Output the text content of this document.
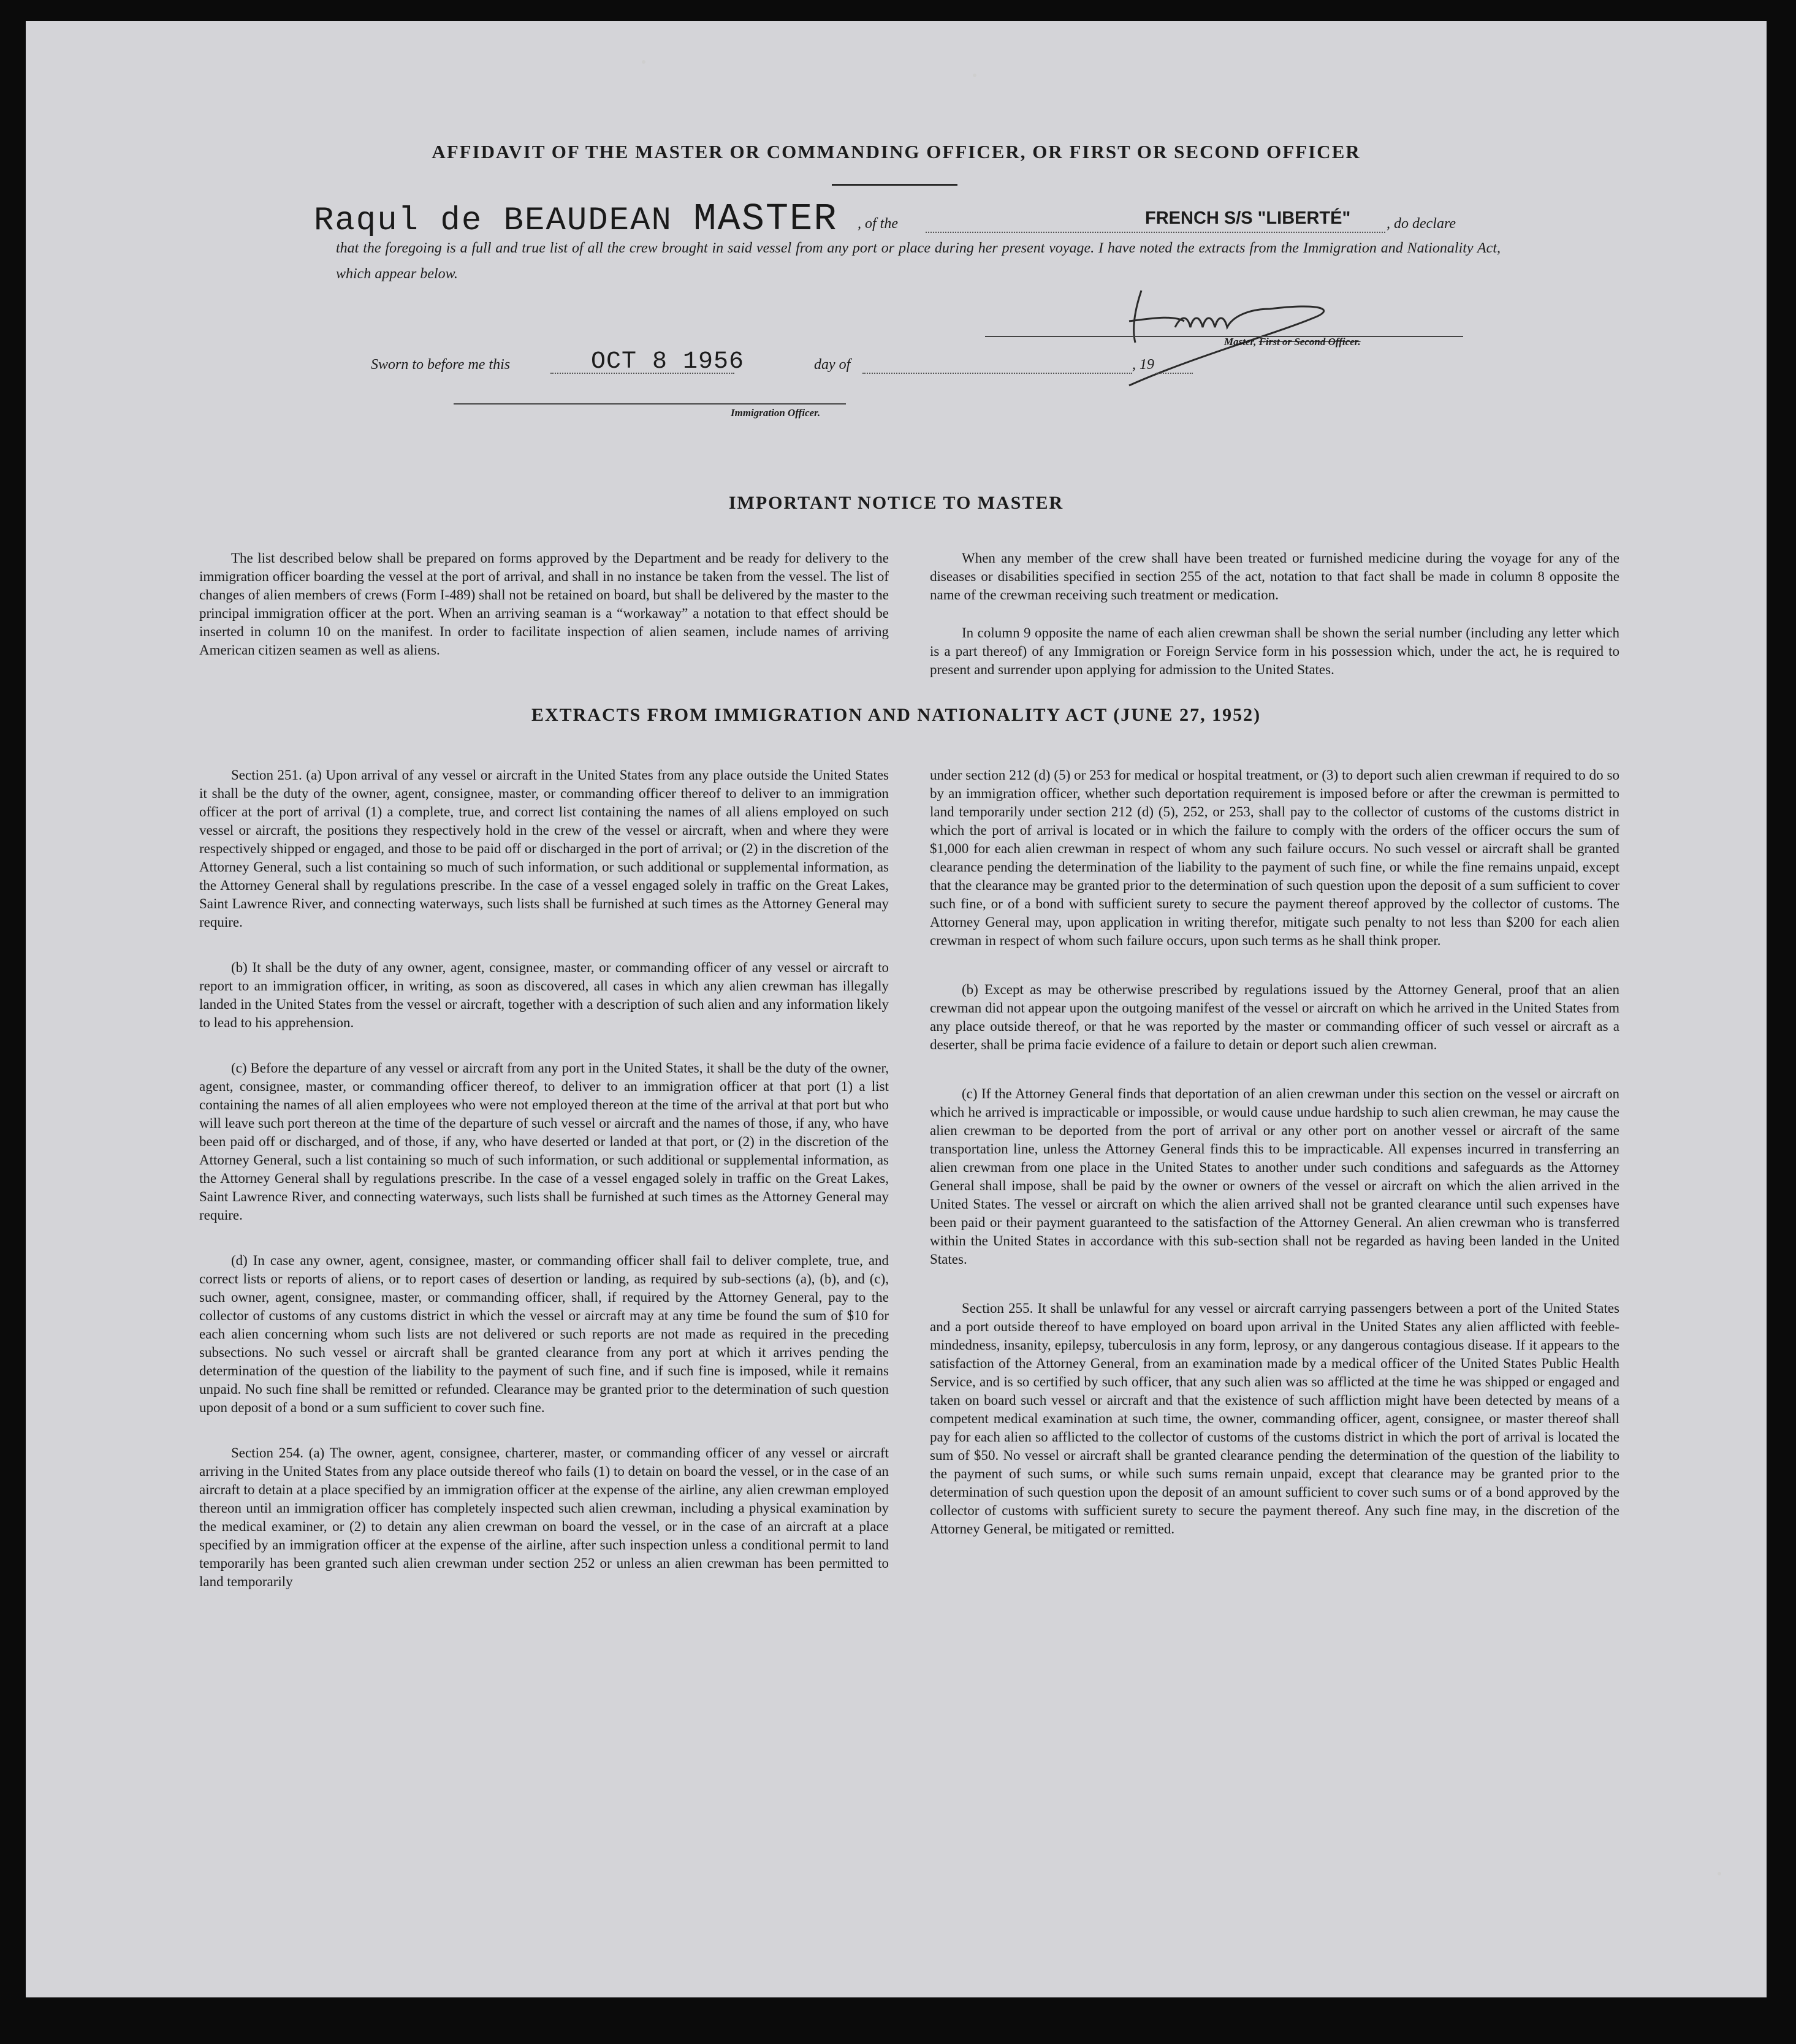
AFFIDAVIT OF THE MASTER OR COMMANDING OFFICER, OR FIRST OR SECOND OFFICER
Raqul de BEAUDEAN MASTER , of the	FRENCH S/S "LIBERTÉ" , do declare
that the foregoing is a full and true list of all the crew brought in said vessel from any port or place during her present voyage. I have noted the extracts from the Immigration and Nationality Act, which appear below.
Master, First or Second Officer.
Sworn to before me this	OCT 8 1956	day of	, 19
Immigration Officer.
IMPORTANT NOTICE TO MASTER

The list described below shall be prepared on forms approved by the Department and be ready for delivery to the immigration officer boarding the vessel at the port of arrival, and shall in no instance be taken from the vessel. The list of changes of alien members of crews (Form I-489) shall not be retained on board, but shall be delivered by the master to the principal immigration officer at the port. When an arriving seaman is a “workaway” a notation to that effect should be inserted in column 10 on the manifest. In order to facilitate inspection of alien seamen, include names of arriving American citizen seamen as well as aliens.

When any member of the crew shall have been treated or furnished medicine during the voyage for any of the diseases or disabilities specified in section 255 of the act, notation to that fact shall be made in column 8 opposite the name of the crewman receiving such treatment or medication.

In column 9 opposite the name of each alien crewman shall be shown the serial number (including any letter which is a part thereof) of any Immigration or Foreign Service form in his possession which, under the act, he is required to present and surrender upon applying for admission to the United States.

EXTRACTS FROM IMMIGRATION AND NATIONALITY ACT (JUNE 27, 1952)

Section 251. (a) Upon arrival of any vessel or aircraft in the United States from any place outside the United States it shall be the duty of the owner, agent, consignee, master, or commanding officer thereof to deliver to an immigration officer at the port of arrival (1) a complete, true, and correct list containing the names of all aliens employed on such vessel or aircraft, the positions they respectively hold in the crew of the vessel or aircraft, when and where they were respectively shipped or engaged, and those to be paid off or discharged in the port of arrival; or (2) in the discretion of the Attorney General, such a list containing so much of such information, or such additional or supplemental information, as the Attorney General shall by regulations prescribe. In the case of a vessel engaged solely in traffic on the Great Lakes, Saint Lawrence River, and connecting waterways, such lists shall be furnished at such times as the Attorney General may require.

(b) It shall be the duty of any owner, agent, consignee, master, or commanding officer of any vessel or aircraft to report to an immigration officer, in writing, as soon as discovered, all cases in which any alien crewman has illegally landed in the United States from the vessel or aircraft, together with a description of such alien and any information likely to lead to his apprehension.

(c) Before the departure of any vessel or aircraft from any port in the United States, it shall be the duty of the owner, agent, consignee, master, or commanding officer thereof, to deliver to an immigration officer at that port (1) a list containing the names of all alien employees who were not employed thereon at the time of the arrival at that port but who will leave such port thereon at the time of the departure of such vessel or aircraft and the names of those, if any, who have been paid off or discharged, and of those, if any, who have deserted or landed at that port, or (2) in the discretion of the Attorney General, such a list containing so much of such information, or such additional or supplemental information, as the Attorney General shall by regulations prescribe. In the case of a vessel engaged solely in traffic on the Great Lakes, Saint Lawrence River, and connecting waterways, such lists shall be furnished at such times as the Attorney General may require.

(d) In case any owner, agent, consignee, master, or commanding officer shall fail to deliver complete, true, and correct lists or reports of aliens, or to report cases of desertion or landing, as required by sub-sections (a), (b), and (c), such owner, agent, consignee, master, or commanding officer, shall, if required by the Attorney General, pay to the collector of customs of any customs district in which the vessel or aircraft may at any time be found the sum of $10 for each alien concerning whom such lists are not delivered or such reports are not made as required in the preceding subsections. No such vessel or aircraft shall be granted clearance from any port at which it arrives pending the determination of the question of the liability to the payment of such fine, and if such fine is imposed, while it remains unpaid. No such fine shall be remitted or refunded. Clearance may be granted prior to the determination of such question upon deposit of a bond or a sum sufficient to cover such fine.

Section 254. (a) The owner, agent, consignee, charterer, master, or commanding officer of any vessel or aircraft arriving in the United States from any place outside thereof who fails (1) to detain on board the vessel, or in the case of an aircraft to detain at a place specified by an immigration officer at the expense of the airline, any alien crewman employed thereon until an immigration officer has completely inspected such alien crewman, including a physical examination by the medical examiner, or (2) to detain any alien crewman on board the vessel, or in the case of an aircraft at a place specified by an immigration officer at the expense of the airline, after such inspection unless a conditional permit to land temporarily has been granted such alien crewman under section 252 or unless an alien crewman has been permitted to land temporarily

under section 212 (d) (5) or 253 for medical or hospital treatment, or (3) to deport such alien crewman if required to do so by an immigration officer, whether such deportation requirement is imposed before or after the crewman is permitted to land temporarily under section 212 (d) (5), 252, or 253, shall pay to the collector of customs of the customs district in which the port of arrival is located or in which the failure to comply with the orders of the officer occurs the sum of $1,000 for each alien crewman in respect of whom any such failure occurs. No such vessel or aircraft shall be granted clearance pending the determination of the liability to the payment of such fine, or while the fine remains unpaid, except that the clearance may be granted prior to the determination of such question upon the deposit of a sum sufficient to cover such fine, or of a bond with sufficient surety to secure the payment thereof approved by the collector of customs. The Attorney General may, upon application in writing therefor, mitigate such penalty to not less than $200 for each alien crewman in respect of whom such failure occurs, upon such terms as he shall think proper.

(b) Except as may be otherwise prescribed by regulations issued by the Attorney General, proof that an alien crewman did not appear upon the outgoing manifest of the vessel or aircraft on which he arrived in the United States from any place outside thereof, or that he was reported by the master or commanding officer of such vessel or aircraft as a deserter, shall be prima facie evidence of a failure to detain or deport such alien crewman.

(c) If the Attorney General finds that deportation of an alien crewman under this section on the vessel or aircraft on which he arrived is impracticable or impossible, or would cause undue hardship to such alien crewman, he may cause the alien crewman to be deported from the port of arrival or any other port on another vessel or aircraft of the same transportation line, unless the Attorney General finds this to be impracticable. All expenses incurred in transferring an alien crewman from one place in the United States to another under such conditions and safeguards as the Attorney General shall impose, shall be paid by the owner or owners of the vessel or aircraft on which the alien arrived in the United States. The vessel or aircraft on which the alien arrived shall not be granted clearance until such expenses have been paid or their payment guaranteed to the satisfaction of the Attorney General. An alien crewman who is transferred within the United States in accordance with this sub-section shall not be regarded as having been landed in the United States.

Section 255. It shall be unlawful for any vessel or aircraft carrying passengers between a port of the United States and a port outside thereof to have employed on board upon arrival in the United States any alien afflicted with feeble-mindedness, insanity, epilepsy, tuberculosis in any form, leprosy, or any dangerous contagious disease. If it appears to the satisfaction of the Attorney General, from an examination made by a medical officer of the United States Public Health Service, and is so certified by such officer, that any such alien was so afflicted at the time he was shipped or engaged and taken on board such vessel or aircraft and that the existence of such affliction might have been detected by means of a competent medical examination at such time, the owner, commanding officer, agent, consignee, or master thereof shall pay for each alien so afflicted to the collector of customs of the customs district in which the port of arrival is located the sum of $50. No vessel or aircraft shall be granted clearance pending the determination of the question of the liability to the payment of such sums, or while such sums remain unpaid, except that clearance may be granted prior to the determination of such question upon the deposit of an amount sufficient to cover such sums or of a bond approved by the collector of customs with sufficient surety to secure the payment thereof. Any such fine may, in the discretion of the Attorney General, be mitigated or remitted.
